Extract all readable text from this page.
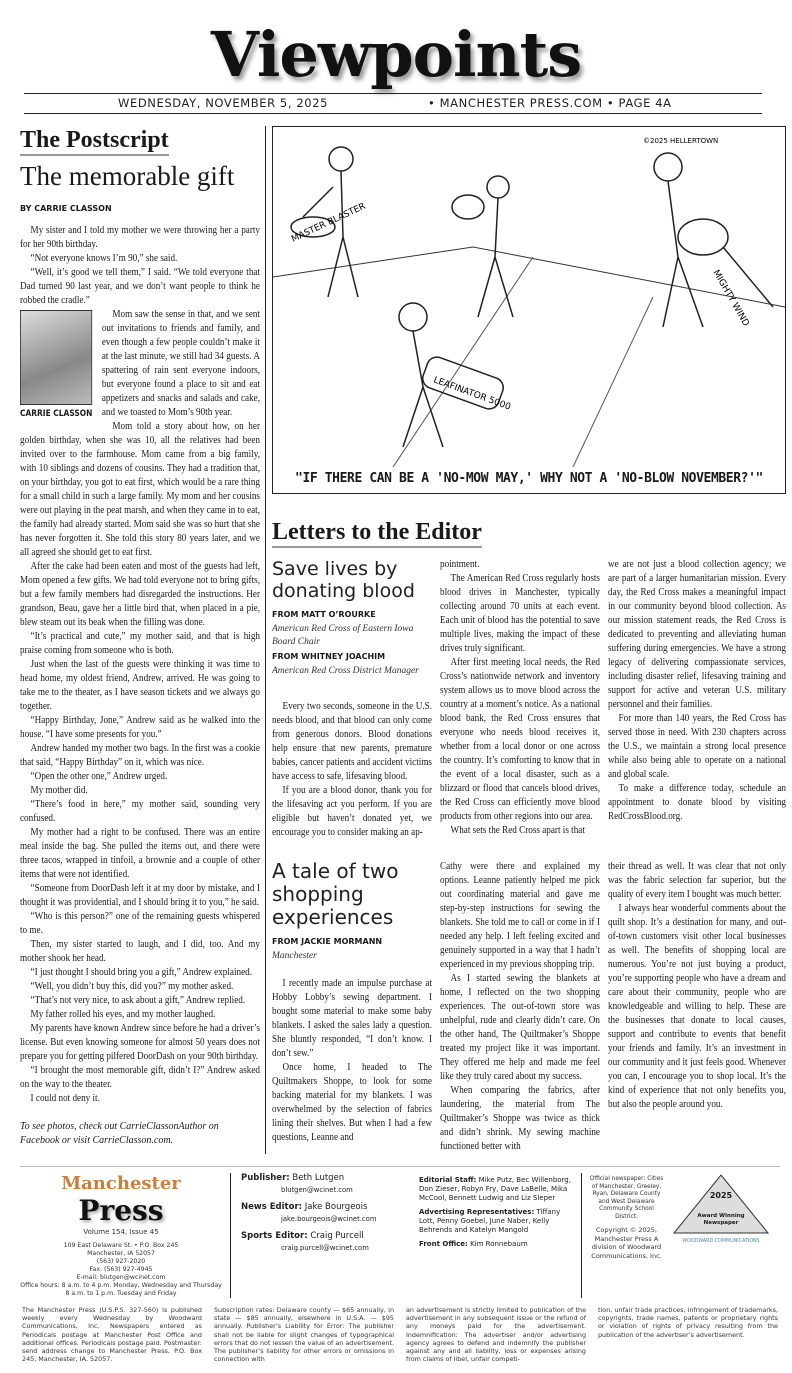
Viewpoints
WEDNESDAY, NOVEMBER 5, 2025	• MANCHESTER PRESS.COM • PAGE 4A
The Postscript
The memorable gift
BY CARRIE CLASSON

My sister and I told my mother we were throwing her a party for her 90th birthday.

“Not everyone knows I’m 90,” she said.

“Well, it’s good we tell them,” I said. “We told everyone that Dad turned 90 last year, and we don’t want people to think he robbed the cradle.”

CARRIE CLASSON

Mom saw the sense in that, and we sent out invitations to friends and family, and even though a few people couldn’t make it at the last minute, we still had 34 guests. A spattering of rain sent everyone indoors, but everyone found a place to sit and eat appetizers and snacks and salads and cake, and we toasted to Mom’s 90th year.

Mom told a story about how, on her golden birthday, when she was 10, all the relatives had been invited over to the farmhouse. Mom came from a big family, with 10 siblings and dozens of cousins. They had a tradition that, on your birthday, you got to eat first, which would be a rare thing for a small child in such a large family. My mom and her cousins were out playing in the peat marsh, and when they came in to eat, the family had already started. Mom said she was so hurt that she has never forgotten it. She told this story 80 years later, and we all agreed she should get to eat first.

After the cake had been eaten and most of the guests had left, Mom opened a few gifts. We had told everyone not to bring gifts, but a few family members had disregarded the instructions. Her grandson, Beau, gave her a little bird that, when placed in a pie, blew steam out its beak when the filling was done.

“It’s practical and cute,” my mother said, and that is high praise coming from someone who is both.

Just when the last of the guests were thinking it was time to head home, my oldest friend, Andrew, arrived. He was going to take me to the theater, as I have season tickets and we always go together.

“Happy Birthday, Jone,” Andrew said as he walked into the house. “I have some presents for you.”

Andrew handed my mother two bags. In the first was a cookie that said, “Happy Birthday” on it, which was nice.

“Open the other one,” Andrew urged.

My mother did.

“There’s food in here,” my mother said, sounding very confused.

My mother had a right to be confused. There was an entire meal inside the bag. She pulled the items out, and there were three tacos, wrapped in tinfoil, a brownie and a couple of other items that were not identified.

“Someone from DoorDash left it at my door by mistake, and I thought it was providential, and I should bring it to you,” he said.

“Who is this person?” one of the remaining guests whispered to me.

Then, my sister started to laugh, and I did, too. And my mother shook her head.

“I just thought I should bring you a gift,” Andrew explained.

“Well, you didn’t buy this, did you?” my mother asked.

“That’s not very nice, to ask about a gift,” Andrew replied.

My father rolled his eyes, and my mother laughed.

My parents have known Andrew since before he had a driver’s license. But even knowing someone for almost 50 years does not prepare you for getting pilfered DoorDash on your 90th birthday.

“I brought the most memorable gift, didn’t I?” Andrew asked on the way to the theater.

I could not deny it.

To see photos, check out CarrieClassonAuthor on Facebook or visit CarrieClasson.com.
MASTER BLASTER
MIGHTY WIND
LEAFINATOR 5000
©2025 HELLERTOWN
"IF THERE CAN BE A 'NO-MOW MAY,' WHY NOT A 'NO-BLOW NOVEMBER?'"
Letters to the Editor
Save lives by donating blood
FROM MATT O’ROURKE
American Red Cross of Eastern Iowa Board Chair
FROM WHITNEY JOACHIM
American Red Cross District Manager

Every two seconds, someone in the U.S. needs blood, and that blood can only come from generous donors. Blood donations help ensure that new parents, premature babies, cancer patients and accident victims have access to safe, lifesaving blood.

If you are a blood donor, thank you for the lifesaving act you perform. If you are eligible but haven’t donated yet, we encourage you to consider making an ap-

pointment.

The American Red Cross regularly hosts blood drives in Manchester, typically collecting around 70 units at each event. Each unit of blood has the potential to save multiple lives, making the impact of these drives truly significant.

After first meeting local needs, the Red Cross’s nationwide network and inventory system allows us to move blood across the country at a moment’s notice. As a national blood bank, the Red Cross ensures that everyone who needs blood receives it, whether from a local donor or one across the country. It’s comforting to know that in the event of a local disaster, such as a blizzard or flood that cancels blood drives, the Red Cross can efficiently move blood products from other regions into our area.

What sets the Red Cross apart is that

we are not just a blood collection agency; we are part of a larger humanitarian mission. Every day, the Red Cross makes a meaningful impact in our community beyond blood collection. As our mission statement reads, the Red Cross is dedicated to preventing and alleviating human suffering during emergencies. We have a strong legacy of delivering compassionate services, including disaster relief, lifesaving training and support for active and veteran U.S. military personnel and their families.

For more than 140 years, the Red Cross has served those in need. With 230 chapters across the U.S., we maintain a strong local presence while also being able to operate on a national and global scale.

To make a difference today, schedule an appointment to donate blood by visiting RedCrossBlood.org.

A tale of two shopping experiences
FROM JACKIE MORMANN
Manchester

I recently made an impulse purchase at Hobby Lobby’s sewing department. I bought some material to make some baby blankets. I asked the sales lady a question. She bluntly responded, “I don’t know. I don’t sew.”

Once home, I headed to The Quiltmakers Shoppe, to look for some backing material for my blankets. I was overwhelmed by the selection of fabrics lining their shelves. But when I had a few questions, Leanne and

Cathy were there and explained my options. Leanne patiently helped me pick out coordinating material and gave me step-by-step instructions for sewing the blankets. She told me to call or come in if I needed any help. I left feeling excited and genuinely supported in a way that I hadn’t experienced in my previous shopping trip.

As I started sewing the blankets at home, I reflected on the two shopping experiences. The out-of-town store was unhelpful, rude and clearly didn’t care. On the other hand, The Quiltmaker’s Shoppe treated my project like it was important. They offered me help and made me feel like they truly cared about my success.

When comparing the fabrics, after laundering, the material from The Quiltmaker’s Shoppe was twice as thick and didn’t shrink. My sewing machine functioned better with

their thread as well. It was clear that not only was the fabric selection far superior, but the quality of every item I bought was much better.

I always hear wonderful comments about the quilt shop. It’s a destination for many, and out-of-town customers visit other local businesses as well. The benefits of shopping local are numerous. You’re not just buying a product, you’re supporting people who have a dream and care about their community, people who are knowledgeable and willing to help. These are the businesses that donate to local causes, support and contribute to events that benefit your friends and family. It’s an investment in our community and it just feels good. Whenever you can, I encourage you to shop local. It’s the kind of experience that not only benefits you, but also the people around you.

Manchester Press
Volume 154, Issue 45
109 East Delaware St. • P.O. Box 245
Manchester, IA 52057
(563) 927-2020
Fax: (563) 927-4945
E-mail: blutgen@wcinet.com
Office hours: 8 a.m. to 4 p.m. Monday, Wednesday and Thursday
8 a.m. to 1 p.m. Tuesday and Friday
Publisher: Beth Lutgen
blutgen@wcinet.com
News Editor: Jake Bourgeois
jake.bourgeois@wcinet.com
Sports Editor: Craig Purcell
craig.purcell@wcinet.com
Editorial Staff: Mike Putz, Bec Willenborg, Don Zieser, Robyn Fry, Dave LaBelle, Mika McCool, Bennett Ludwig and Liz Sleper
Advertising Representatives: Tiffany Lott, Penny Goebel, June Naber, Kelly Behrends and Katelyn Mangold
Front Office: Kim Ronnebaum
Official newspaper: Cities of Manchester, Greeley, Ryan, Delaware County and West Delaware Community School District.
Copyright © 2025, Manchester Press A division of Woodward Communications, Inc.
2025
Award Winning Newspaper
WOODWARD COMMUNICATIONS
The Manchester Press (U.S.P.S. 327-560) is published weekly every Wednesday by Woodward Communications, Inc. Newspapers entered as Periodicals postage at Manchester Post Office and additional offices. Periodicals postage paid. Postmaster: send address change to Manchester Press, P.O. Box 245, Manchester, IA, 52057.
Subscription rates: Delaware county — $65 annually, in state — $85 annually, elsewhere in U.S.A. — $95 annually. Publisher’s Liability for Error: The publisher shall not be liable for slight changes of typographical errors that do not lessen the value of an advertisement. The publisher’s liability for other errors or omissions in connection with
an advertisement is strictly limited to publication of the advertisement in any subsequent issue or the refund of any moneys paid for the advertisement. Indemnification: The advertiser and/or advertising agency agrees to defend and indemnify the publisher against any and all liability, loss or expenses arising from claims of libel, unfair competi-
tion, unfair trade practices, infringement of trademarks, copyrights, trade names, patents or proprietary rights or violation of rights of privacy resulting from the publication of the advertiser’s advertisement.
